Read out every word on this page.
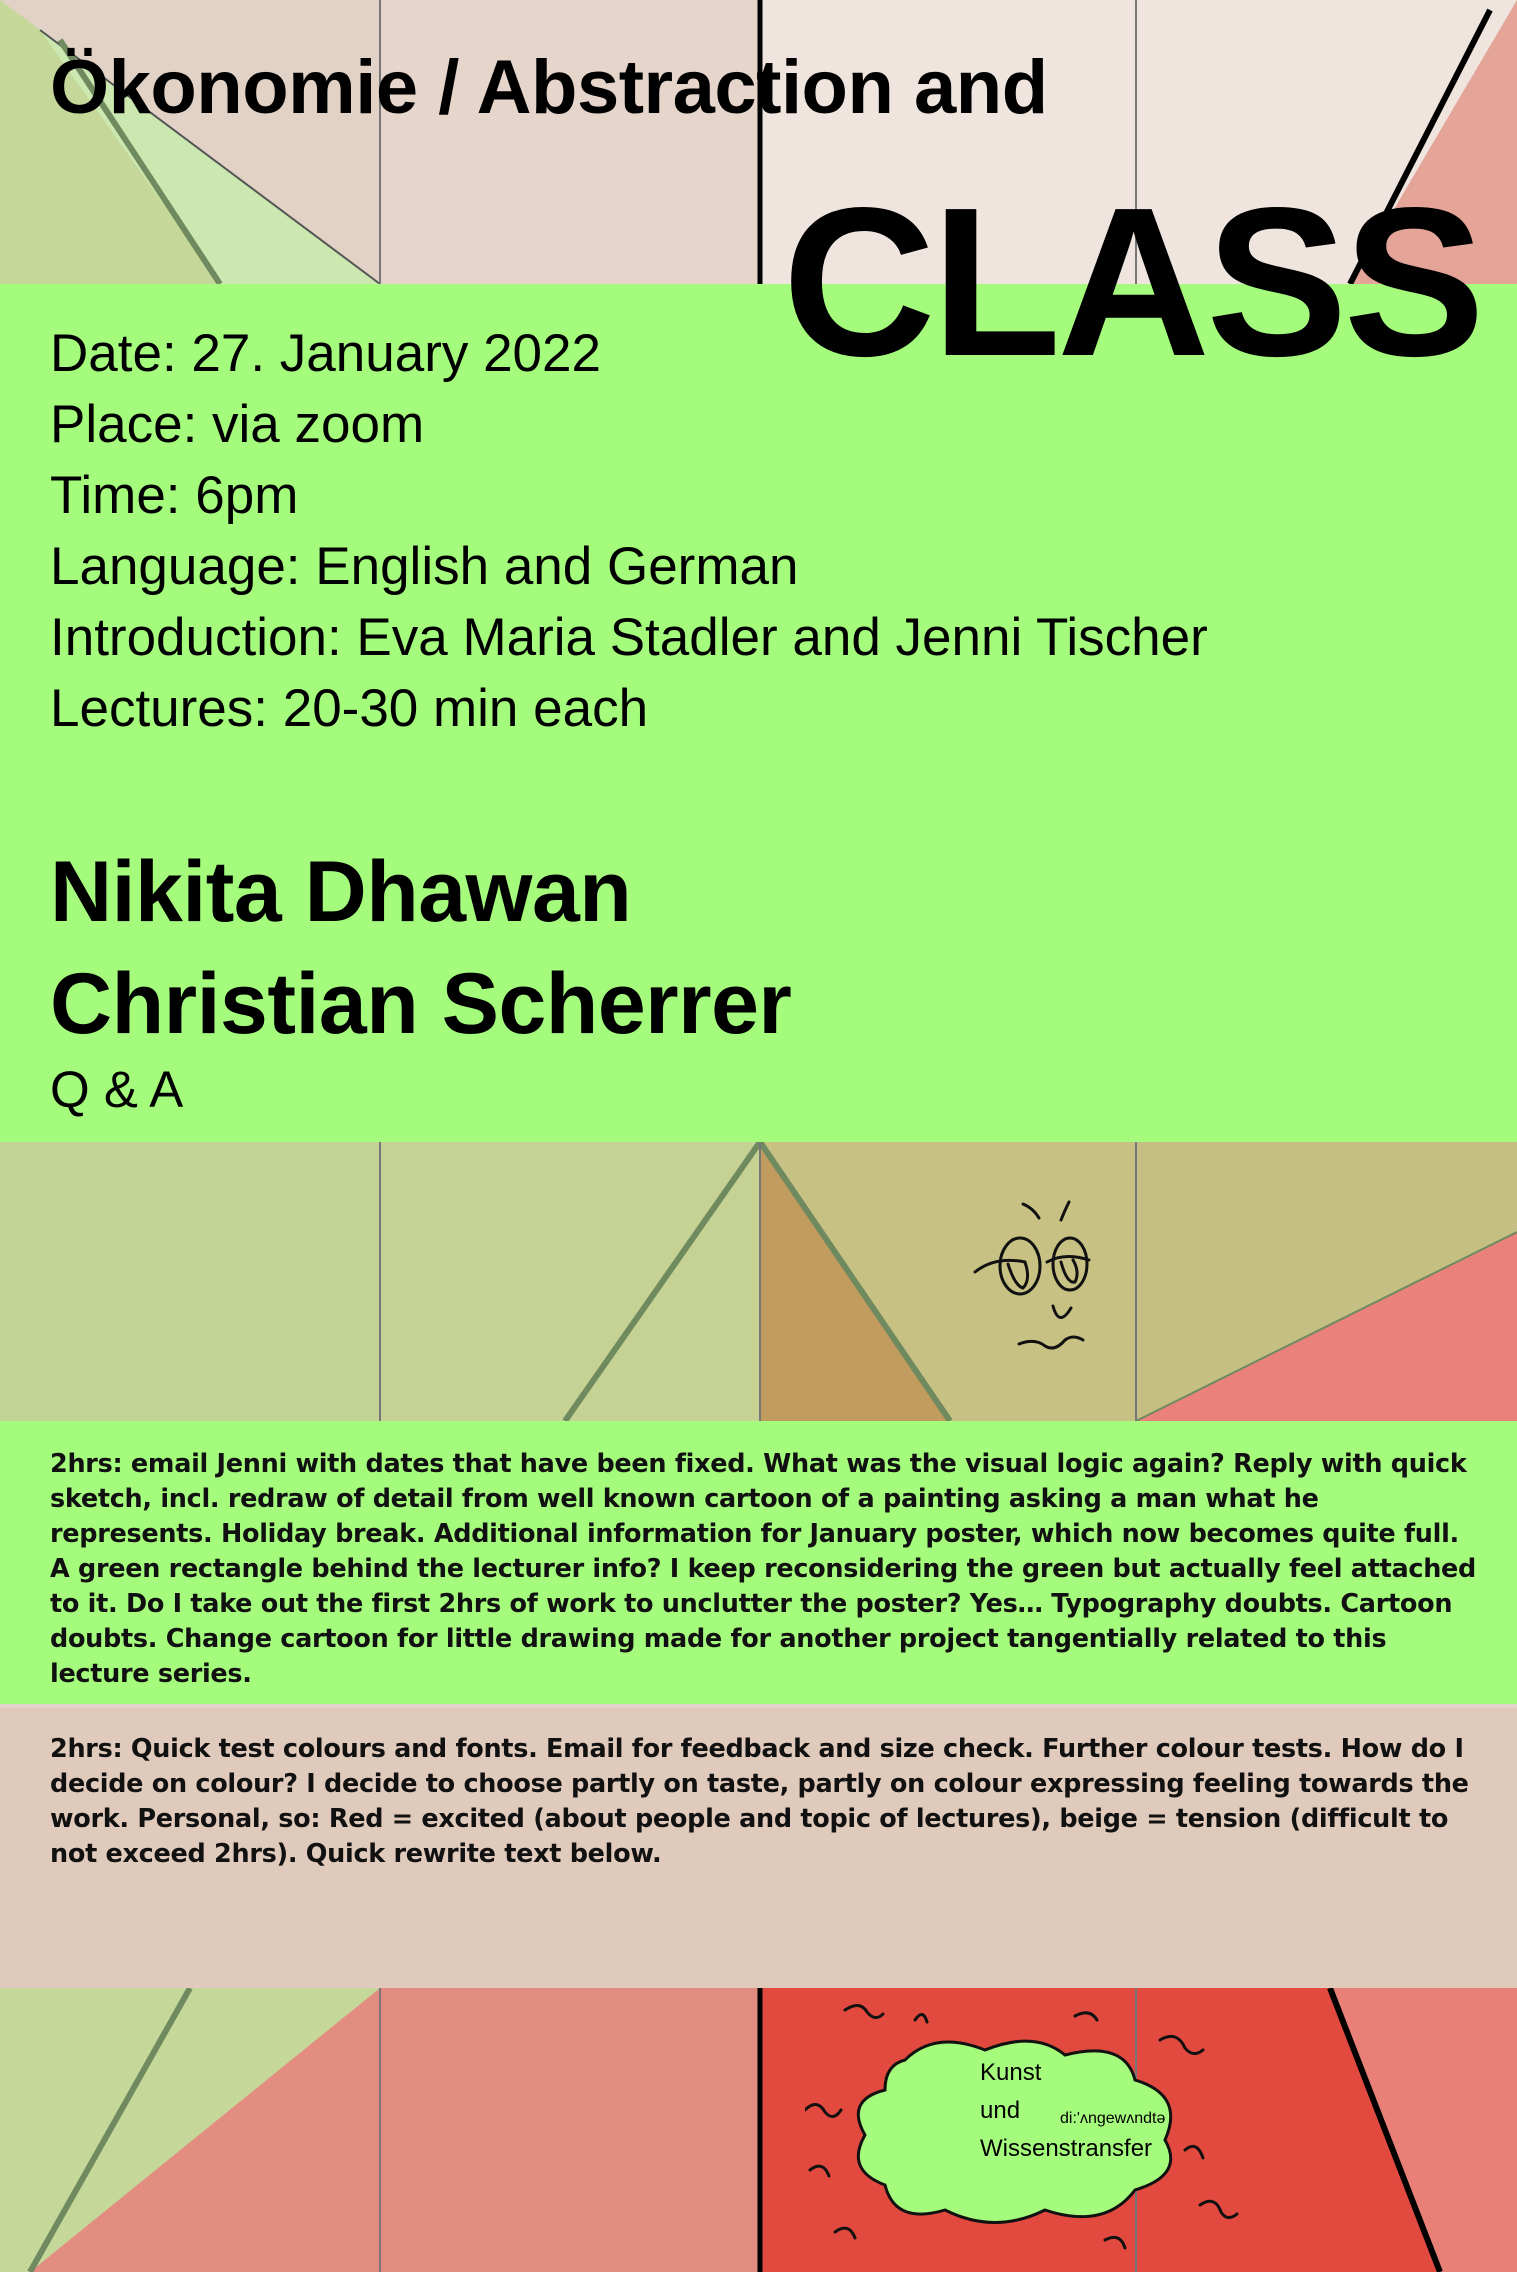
Ökonomie / Abstraction and
CLASS
Date: 27. January 2022
Place: via zoom
Time: 6pm
Language: English and German
Introduction: Eva Maria Stadler and Jenni Tischer
Lectures: 20-30 min each
Nikita Dhawan
Christian Scherrer
Q & A
2hrs: email Jenni with dates that have been fixed. What was the visual logic again? Reply with quick sketch, incl. redraw of detail from well known cartoon of a painting asking a man what he represents. Holiday break. Additional information for January poster, which now becomes quite full. A green rectangle behind the lecturer info? I keep reconsidering the green but actually feel attached to it. Do I take out the first 2hrs of work to unclutter the poster? Yes… Typography doubts. Cartoon doubts. Change cartoon for little drawing made for another project tangentially related to this lecture series.
2hrs: Quick test colours and fonts. Email for feedback and size check. Further colour tests. How do I decide on colour? I decide to choose partly on taste, partly on colour expressing feeling towards the work. Personal, so: Red = excited (about people and topic of lectures), beige = tension (difficult to not exceed 2hrs). Quick rewrite text below.
Kunst
und
Wissenstransfer
di:'ʌngewʌndtə
